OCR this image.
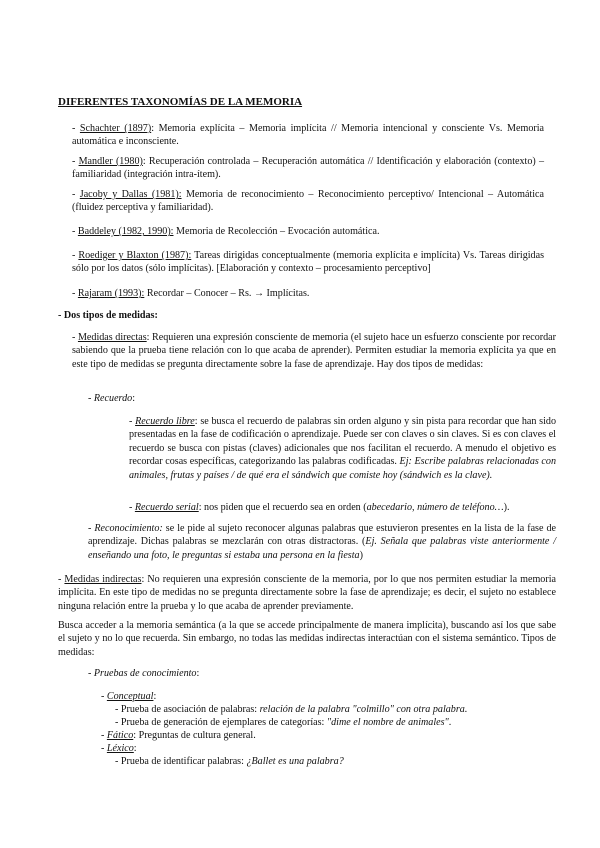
DIFERENTES TAXONOMÍAS DE LA MEMORIA

- Schachter (1897): Memoria explícita – Memoria implícita // Memoria intencional y consciente Vs. Memoria automática e inconsciente.

- Mandler (1980): Recuperación controlada – Recuperación automática // Identificación y elaboración (contexto) – familiaridad (integración intra-ítem).

- Jacoby y Dallas (1981): Memoria de reconocimiento – Reconocimiento perceptivo/ Intencional – Automática (fluidez perceptiva y familiaridad).

- Baddeley (1982, 1990): Memoria de Recolección – Evocación automática.

- Roediger y Blaxton (1987): Tareas dirigidas conceptualmente (memoria explícita e implícita) Vs. Tareas dirigidas sólo por los datos (sólo implícitas). [Elaboración y contexto – procesamiento perceptivo]

- Rajaram (1993): Recordar – Conocer – Rs. → Implícitas.

- Dos tipos de medidas:

- Medidas directas: Requieren una expresión consciente de memoria (el sujeto hace un esfuerzo consciente por recordar sabiendo que la prueba tiene relación con lo que acaba de aprender). Permiten estudiar la memoria explícita ya que en este tipo de medidas se pregunta directamente sobre la fase de aprendizaje. Hay dos tipos de medidas:

- Recuerdo:

- Recuerdo libre: se busca el recuerdo de palabras sin orden alguno y sin pista para recordar que han sido presentadas en la fase de codificación o aprendizaje. Puede ser con claves o sin claves. Si es con claves el recuerdo se busca con pistas (claves) adicionales que nos facilitan el recuerdo. A menudo el objetivo es recordar cosas específicas, categorizando las palabras codificadas. Ej: Escribe palabras relacionadas con animales, frutas y países / de qué era el sándwich que comiste hoy (sándwich es la clave).

- Recuerdo serial: nos piden que el recuerdo sea en orden (abecedario, número de teléfono…).

- Reconocimiento: se le pide al sujeto reconocer algunas palabras que estuvieron presentes en la lista de la fase de aprendizaje. Dichas palabras se mezclarán con otras distractoras. (Ej. Señala que palabras viste anteriormente / enseñando una foto, le preguntas si estaba una persona en la fiesta)

- Medidas indirectas: No requieren una expresión consciente de la memoria, por lo que nos permiten estudiar la memoria implícita. En este tipo de medidas no se pregunta directamente sobre la fase de aprendizaje; es decir, el sujeto no establece ninguna relación entre la prueba y lo que acaba de aprender previamente.

Busca acceder a la memoria semántica (a la que se accede principalmente de manera implícita), buscando así los que sabe el sujeto y no lo que recuerda. Sin embargo, no todas las medidas indirectas interactúan con el sistema semántico. Tipos de medidas:

- Pruebas de conocimiento:

- Conceptual:

- Prueba de asociación de palabras: relación de la palabra "colmillo" con otra palabra.

- Prueba de generación de ejemplares de categorías: "dime el nombre de animales".

- Fático: Preguntas de cultura general.

- Léxico:

- Prueba de identificar palabras: ¿Ballet es una palabra?
